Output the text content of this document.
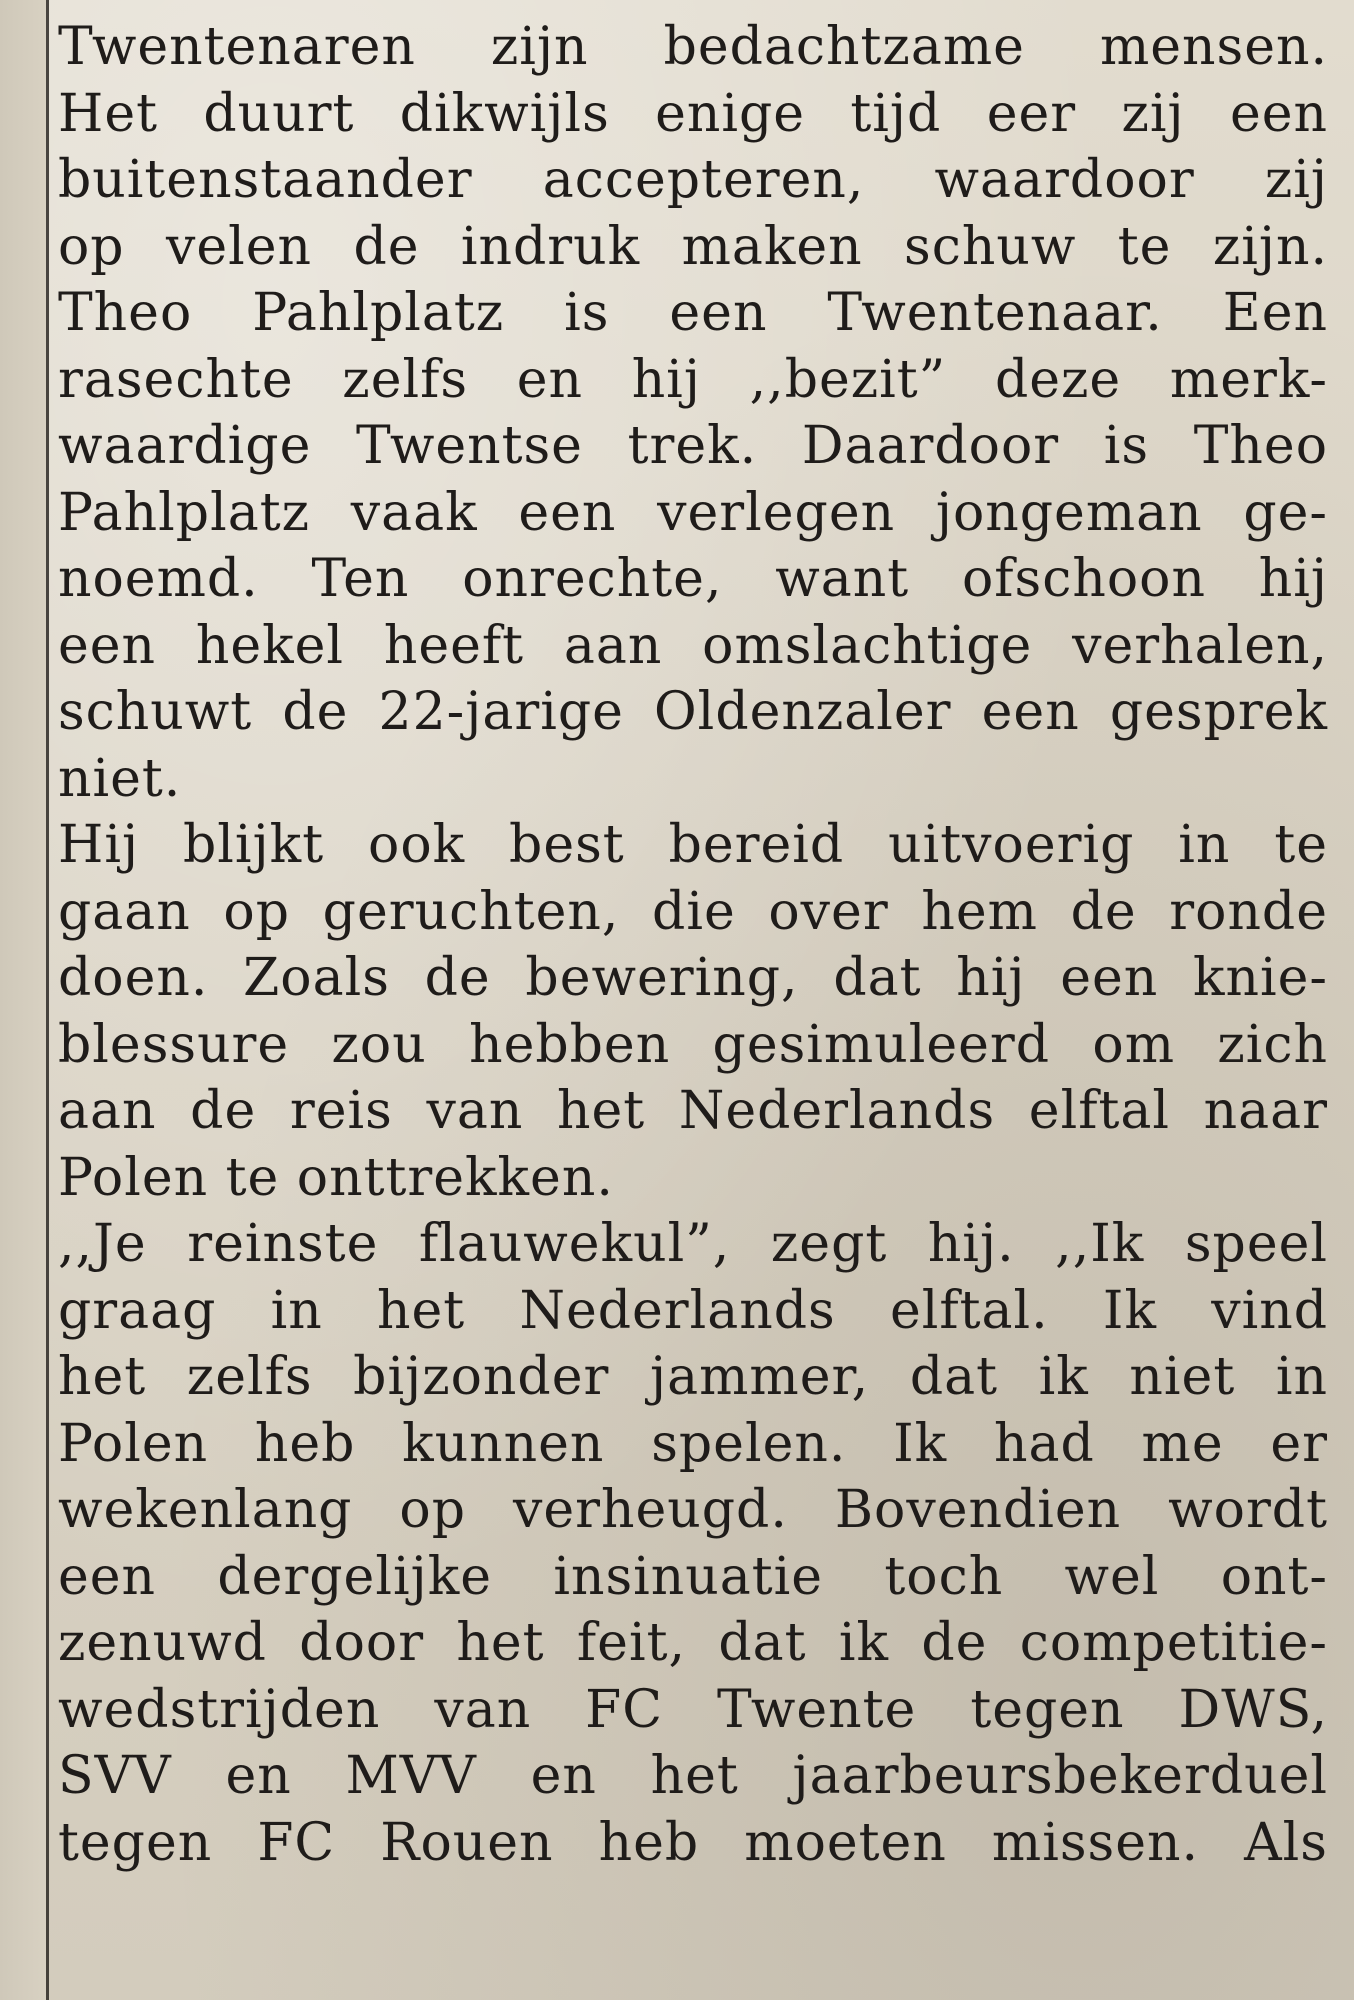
Twentenaren zijn bedachtzame mensen.
Het duurt dikwijls enige tijd eer zij een
buitenstaander accepteren, waardoor zij
op velen de indruk maken schuw te zijn.
Theo Pahlplatz is een Twentenaar. Een
rasechte zelfs en hij ,,bezit” deze merk-
waardige Twentse trek. Daardoor is Theo
Pahlplatz vaak een verlegen jongeman ge-
noemd. Ten onrechte, want ofschoon hij
een hekel heeft aan omslachtige verhalen,
schuwt de 22-jarige Oldenzaler een gesprek
niet.
Hij blijkt ook best bereid uitvoerig in te
gaan op geruchten, die over hem de ronde
doen. Zoals de bewering, dat hij een knie-
blessure zou hebben gesimuleerd om zich
aan de reis van het Nederlands elftal naar
Polen te onttrekken.
,,Je reinste flauwekul”, zegt hij. ,,Ik speel
graag in het Nederlands elftal. Ik vind
het zelfs bijzonder jammer, dat ik niet in
Polen heb kunnen spelen. Ik had me er
wekenlang op verheugd. Bovendien wordt
een dergelijke insinuatie toch wel ont-
zenuwd door het feit, dat ik de competitie-
wedstrijden van FC Twente tegen DWS,
SVV en MVV en het jaarbeursbekerduel
tegen FC Rouen heb moeten missen. Als
